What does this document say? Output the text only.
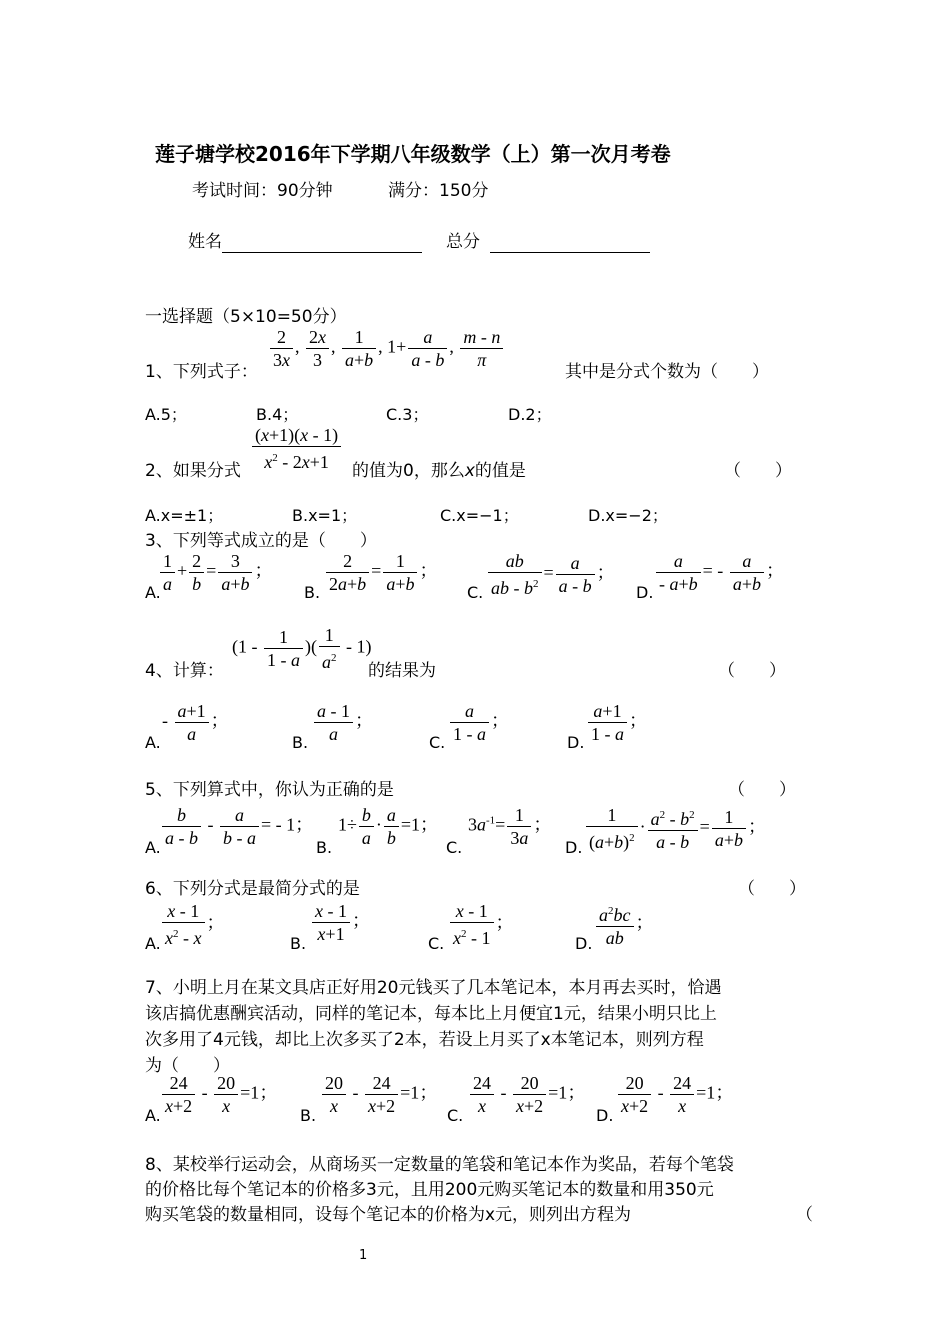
莲子塘学校2016年下学期八年级数学（上）第一次月考卷
考试时间：90分钟	满分：150分
姓名	总分
一选择题（5×10=50分）
1、下列式子：
$\frac{2}{3x}$ , $\frac{2x}{3}$ , $\frac{1}{a+b}$ , $1+ \frac{a}{a - b}$ , $\frac{m - n}{\pi}$
其中是分式个数为（　　）
A.5；	B.4；	C.3；	D.2；
2、如果分式 $\frac{(x+1)(x - 1)}{x^2 - 2x+1}$ 的值为0，那么x的值是	（　　）
A.x=±1；	B.x=1；	C.x=−1；	D.x=−2；
3、下列等式成立的是（　　）
A. $\frac{1}{a} + \frac{2}{b} = \frac{3}{a+b}$ ；
B. $\frac{2}{2a+b} = \frac{1}{a+b}$ ；
C. $\frac{ab}{ab - b^2} = \frac{a}{a - b}$ ；
D. $\frac{a}{- a+b}$ = - $\frac{a}{a+b}$ ；
4、计算：
($1 - \frac{1}{1 - a}$ )( $\frac{1}{a^2} - 1$)
的结果为	（　　）
A.
- $\frac{a+1}{a}$ ；
B. $\frac{a - 1}{a}$ ；
C. $\frac{a}{1 - a}$ ；
D. $\frac{a+1}{1 - a}$ ；
5、下列算式中，你认为正确的是	（　　）
A. $\frac{b}{a - b} - \frac{a}{b - a}$ = - 1；
B.
$1\div \frac{b}{a} \cdot \frac{a}{b} =1$；
C.
$3a^{-1}= \frac{1}{3a}$ ；
D. $\frac{1}{(a+b)^2} \cdot \frac{a^2 - b^2}{a - b} = \frac{1}{a+b}$ ；
6、下列分式是最简分式的是	（　　）
A. $\frac{x - 1}{x^2 - x}$ ；
B. $\frac{x - 1}{x+1}$ ；
C. $\frac{x - 1}{x^2 - 1}$ ；
D. $\frac{a^2bc}{ab}$ ；
7、小明上月在某文具店正好用20元钱买了几本笔记本，本月再去买时，恰遇
该店搞优惠酬宾活动，同样的笔记本，每本比上月便宜1元，结果小明只比上
次多用了4元钱，却比上次多买了2本，若设上月买了x本笔记本，则列方程
为（　　）
A. $\frac{24}{x+2} - \frac{20}{x} =1$；
B. $\frac{20}{x} - \frac{24}{x+2} =1$；
C. $\frac{24}{x} - \frac{20}{x+2} =1$；
D. $\frac{20}{x+2} - \frac{24}{x} =1$；
8、某校举行运动会，从商场买一定数量的笔袋和笔记本作为奖品，若每个笔袋
的价格比每个笔记本的价格多3元，且用200元购买笔记本的数量和用350元
购买笔袋的数量相同，设每个笔记本的价格为x元，则列出方程为	（
1
